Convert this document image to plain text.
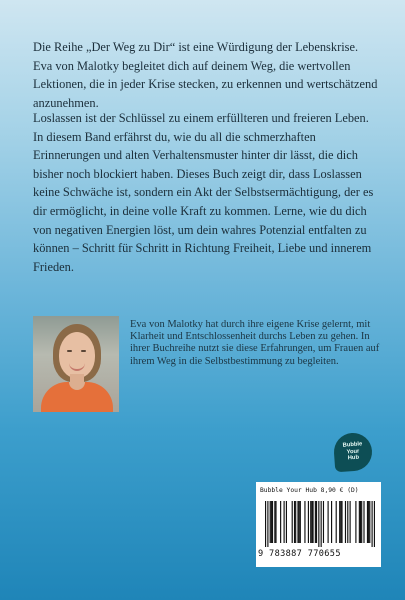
Die Reihe „Der Weg zu Dir“ ist eine Würdigung der Lebenskrise. Eva von Malotky begleitet dich auf deinem Weg, die wertvollen Lektionen, die in jeder Krise stecken, zu erkennen und wertschätzend anzunehmen.

Loslassen ist der Schlüssel zu einem erfüllteren und freieren Leben. In diesem Band erfährst du, wie du all die schmerzhaften Erinnerungen und alten Verhaltensmuster hinter dir lässt, die dich bisher noch blockiert haben. Dieses Buch zeigt dir, dass Loslassen keine Schwäche ist, sondern ein Akt der Selbstsermächtigung, der es dir ermöglicht, in deine volle Kraft zu kommen. Lerne, wie du dich von negativen Energien löst, um dein wahres Potenzial entfalten zu können – Schritt für Schritt in Richtung Freiheit, Liebe und innerem Frieden.

Eva von Malotky hat durch ihre eigene Krise gelernt, mit Klarheit und Entschlossenheit durchs Leben zu gehen. In ihrer Buchreihe nutzt sie diese Erfahrungen, um Frauen auf ihrem Weg in die Selbstbestimmung zu begleiten.

Bubble
Your
Hub

Bubble Your Hub 8,90 € (D)

9 783887 770655
